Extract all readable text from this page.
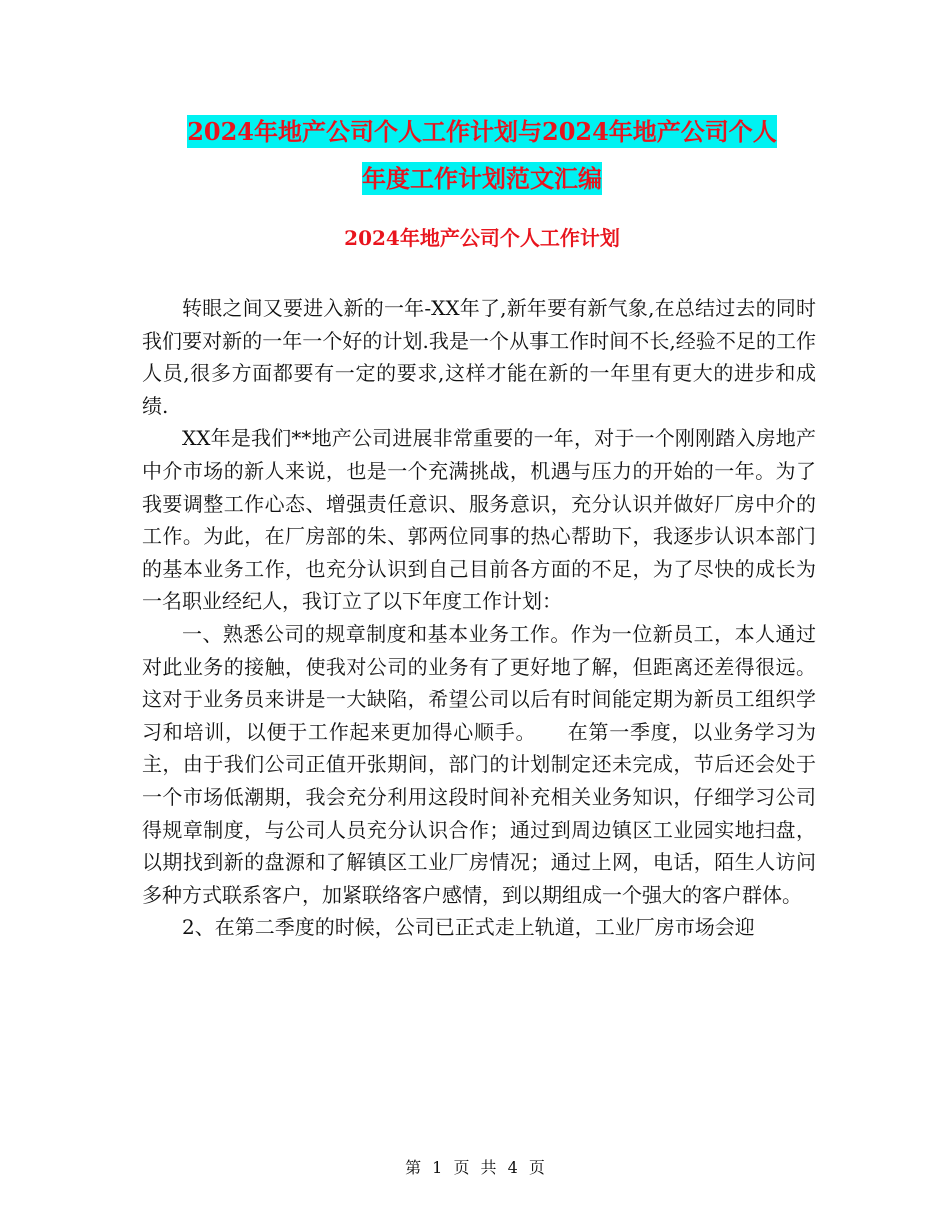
2024年地产公司个人工作计划与2024年地产公司个人
年度工作计划范文汇编
2024年地产公司个人工作计划

转眼之间又要进入新的一年-XX年了,新年要有新气象,在总结过去的同时我们要对新的一年一个好的计划.我是一个从事工作时间不长,经验不足的工作人员,很多方面都要有一定的要求,这样才能在新的一年里有更大的进步和成绩.

XX年是我们**地产公司进展非常重要的一年，对于一个刚刚踏入房地产中介市场的新人来说，也是一个充满挑战，机遇与压力的开始的一年。为了我要调整工作心态、增强责任意识、服务意识，充分认识并做好厂房中介的工作。为此，在厂房部的朱、郭两位同事的热心帮助下，我逐步认识本部门的基本业务工作，也充分认识到自己目前各方面的不足，为了尽快的成长为一名职业经纪人，我订立了以下年度工作计划：

一、熟悉公司的规章制度和基本业务工作。作为一位新员工，本人通过对此业务的接触，使我对公司的业务有了更好地了解，但距离还差得很远。这对于业务员来讲是一大缺陷，希望公司以后有时间能定期为新员工组织学习和培训，以便于工作起来更加得心顺手。　　在第一季度，以业务学习为主，由于我们公司正值开张期间，部门的计划制定还未完成，节后还会处于一个市场低潮期，我会充分利用这段时间补充相关业务知识，仔细学习公司得规章制度，与公司人员充分认识合作；通过到周边镇区工业园实地扫盘，以期找到新的盘源和了解镇区工业厂房情况；通过上网，电话，陌生人访问多种方式联系客户，加紧联络客户感情，到以期组成一个强大的客户群体。

2、在第二季度的时候，公司已正式走上轨道，工业厂房市场会迎

第 1 页 共 4 页
